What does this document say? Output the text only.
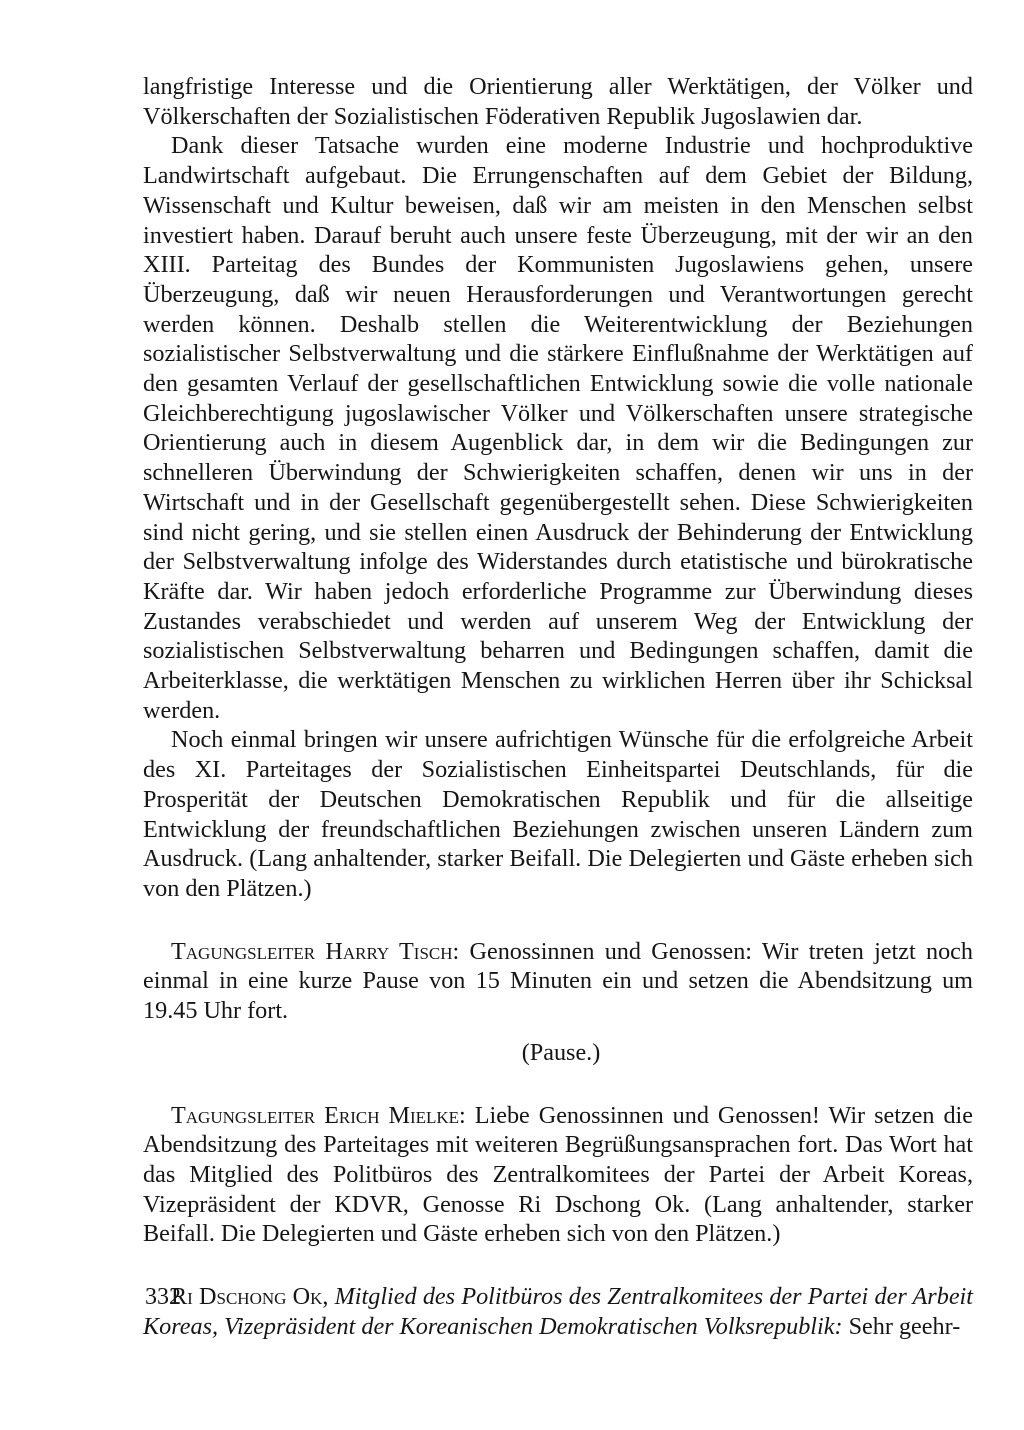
langfristige Interesse und die Orientierung aller Werktätigen, der Völker und Völkerschaften der Sozialistischen Föderativen Republik Jugoslawien dar.

Dank dieser Tatsache wurden eine moderne Industrie und hochproduktive Landwirtschaft aufgebaut. Die Errungenschaften auf dem Gebiet der Bildung, Wissenschaft und Kultur beweisen, daß wir am meisten in den Menschen selbst investiert haben. Darauf beruht auch unsere feste Überzeugung, mit der wir an den XIII. Parteitag des Bundes der Kommunisten Jugoslawiens gehen, unsere Überzeugung, daß wir neuen Herausforderungen und Verantwortungen gerecht werden können. Deshalb stellen die Weiterentwicklung der Beziehungen sozialistischer Selbstverwaltung und die stärkere Einflußnahme der Werktätigen auf den gesamten Verlauf der gesellschaftlichen Entwicklung sowie die volle nationale Gleichberechtigung jugoslawischer Völker und Völkerschaften unsere strategische Orientierung auch in diesem Augenblick dar, in dem wir die Bedingungen zur schnelleren Überwindung der Schwierigkeiten schaffen, denen wir uns in der Wirtschaft und in der Gesellschaft gegenübergestellt sehen. Diese Schwierigkeiten sind nicht gering, und sie stellen einen Ausdruck der Behinderung der Entwicklung der Selbstverwaltung infolge des Widerstandes durch etatistische und bürokratische Kräfte dar. Wir haben jedoch erforderliche Programme zur Überwindung dieses Zustandes verabschiedet und werden auf unserem Weg der Entwicklung der sozialistischen Selbstverwaltung beharren und Bedingungen schaffen, damit die Arbeiterklasse, die werktätigen Menschen zu wirklichen Herren über ihr Schicksal werden.

Noch einmal bringen wir unsere aufrichtigen Wünsche für die erfolgreiche Arbeit des XI. Parteitages der Sozialistischen Einheitspartei Deutschlands, für die Prosperität der Deutschen Demokratischen Republik und für die allseitige Entwicklung der freundschaftlichen Beziehungen zwischen unseren Ländern zum Ausdruck. (Lang anhaltender, starker Beifall. Die Delegierten und Gäste erheben sich von den Plätzen.)

Tagungsleiter Harry Tisch: Genossinnen und Genossen: Wir treten jetzt noch einmal in eine kurze Pause von 15 Minuten ein und setzen die Abendsitzung um 19.45 Uhr fort.

(Pause.)

Tagungsleiter Erich Mielke: Liebe Genossinnen und Genossen! Wir setzen die Abendsitzung des Parteitages mit weiteren Begrüßungsansprachen fort. Das Wort hat das Mitglied des Politbüros des Zentralkomitees der Partei der Arbeit Koreas, Vizepräsident der KDVR, Genosse Ri Dschong Ok. (Lang anhaltender, starker Beifall. Die Delegierten und Gäste erheben sich von den Plätzen.)

Ri Dschong Ok, Mitglied des Politbüros des Zentralkomitees der Partei der Arbeit Koreas, Vizepräsident der Koreanischen Demokratischen Volksrepublik: Sehr geehr-

332
